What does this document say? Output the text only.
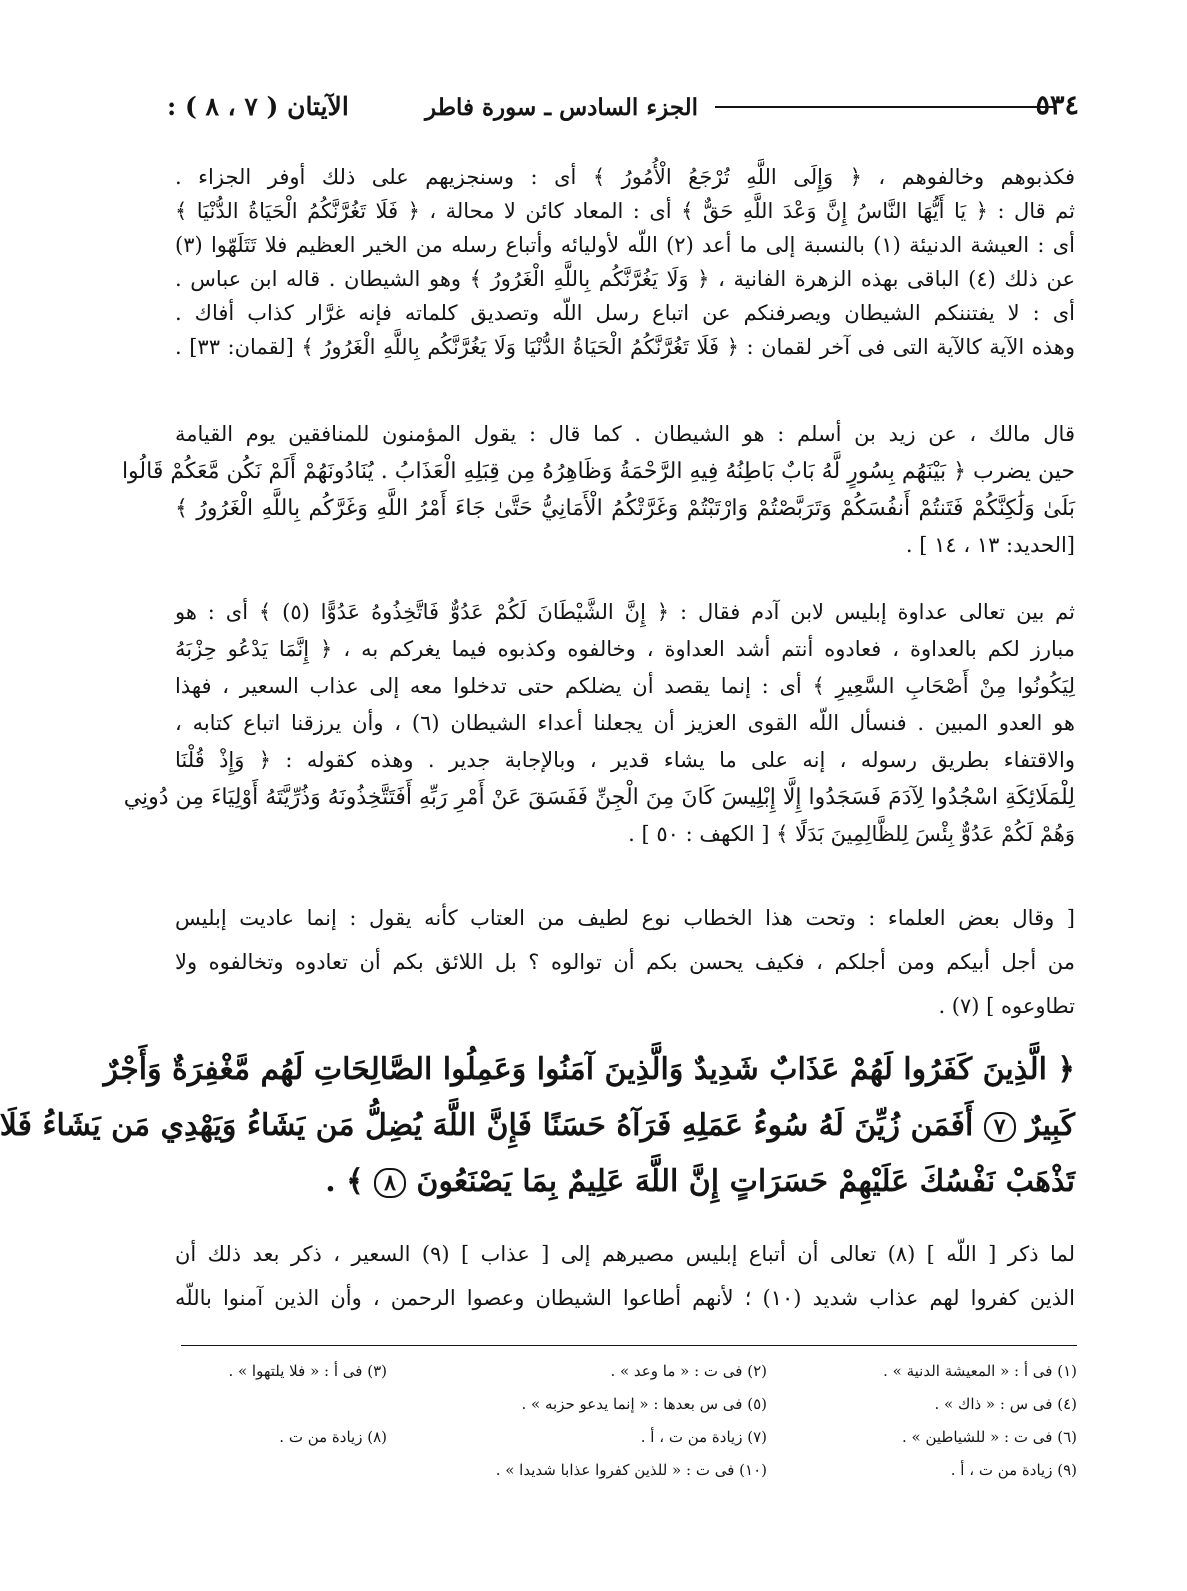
: الآيتان ( ٧ ، ٨ )	الجزء السادس ـ سورة فاطر	٥٣٤
فكذبوهم وخالفوهم ، ﴿ وَإِلَى اللَّهِ تُرْجَعُ الْأُمُورُ ﴾ أى : وسنجزيهم على ذلك أوفر الجزاء .
ثم قال : ﴿ يَا أَيُّهَا النَّاسُ إِنَّ وَعْدَ اللَّهِ حَقٌّ ﴾ أى : المعاد كائن لا محالة ، ﴿ فَلَا تَغُرَّنَّكُمُ الْحَيَاةُ الدُّنْيَا ﴾
أى : العيشة الدنيئة (١) بالنسبة إلى ما أعد (٢) اللّه لأوليائه وأتباع رسله من الخير العظيم فلا تَتَلَهّوا (٣)
عن ذلك (٤) الباقى بهذه الزهرة الفانية ، ﴿ وَلَا يَغُرَّنَّكُم بِاللَّهِ الْغَرُورُ ﴾ وهو الشيطان . قاله ابن عباس .
أى : لا يفتننكم الشيطان ويصرفنكم عن اتباع رسل اللّه وتصديق كلماته فإنه غرَّار كذاب أفاك .
وهذه الآية كالآية التى فى آخر لقمان : ﴿ فَلَا تَغُرَّنَّكُمُ الْحَيَاةُ الدُّنْيَا وَلَا يَغُرَّنَّكُم بِاللَّهِ الْغَرُورُ ﴾ [لقمان: ٣٣] .
قال مالك ، عن زيد بن أسلم : هو الشيطان . كما قال : يقول المؤمنون للمنافقين يوم القيامة
حين يضرب ﴿ بَيْنَهُم بِسُورٍ لَّهُ بَابٌ بَاطِنُهُ فِيهِ الرَّحْمَةُ وَظَاهِرُهُ مِن قِبَلِهِ الْعَذَابُ . يُنَادُونَهُمْ أَلَمْ نَكُن مَّعَكُمْ قَالُوا
بَلَىٰ وَلَٰكِنَّكُمْ فَتَنتُمْ أَنفُسَكُمْ وَتَرَبَّصْتُمْ وَارْتَبْتُمْ وَغَرَّتْكُمُ الْأَمَانِيُّ حَتَّىٰ جَاءَ أَمْرُ اللَّهِ وَغَرَّكُم بِاللَّهِ الْغَرُورُ ﴾
[الحديد: ١٣ ، ١٤ ] .
ثم بين تعالى عداوة إبليس لابن آدم فقال : ﴿ إِنَّ الشَّيْطَانَ لَكُمْ عَدُوٌّ فَاتَّخِذُوهُ عَدُوًّا (٥) ﴾ أى : هو
مبارز لكم بالعداوة ، فعادوه أنتم أشد العداوة ، وخالفوه وكذبوه فيما يغركم به ، ﴿ إِنَّمَا يَدْعُو حِزْبَهُ
لِيَكُونُوا مِنْ أَصْحَابِ السَّعِيرِ ﴾ أى : إنما يقصد أن يضلكم حتى تدخلوا معه إلى عذاب السعير ، فهذا
هو العدو المبين . فنسأل اللّه القوى العزيز أن يجعلنا أعداء الشيطان (٦) ، وأن يرزقنا اتباع كتابه ،
والاقتفاء بطريق رسوله ، إنه على ما يشاء قدير ، وبالإجابة جدير . وهذه كقوله : ﴿ وَإِذْ قُلْنَا
لِلْمَلَائِكَةِ اسْجُدُوا لِآدَمَ فَسَجَدُوا إِلَّا إِبْلِيسَ كَانَ مِنَ الْجِنِّ فَفَسَقَ عَنْ أَمْرِ رَبِّهِ أَفَتَتَّخِذُونَهُ وَذُرِّيَّتَهُ أَوْلِيَاءَ مِن دُونِي
وَهُمْ لَكُمْ عَدُوٌّ بِئْسَ لِلظَّالِمِينَ بَدَلًا ﴾ [ الكهف : ٥٠ ] .
[ وقال بعض العلماء : وتحت هذا الخطاب نوع لطيف من العتاب كأنه يقول : إنما عاديت إبليس
من أجل أبيكم ومن أجلكم ، فكيف يحسن بكم أن توالوه ؟ بل اللائق بكم أن تعادوه وتخالفوه ولا
تطاوعوه ] (٧) .
﴿ الَّذِينَ كَفَرُوا لَهُمْ عَذَابٌ شَدِيدٌ وَالَّذِينَ آمَنُوا وَعَمِلُوا الصَّالِحَاتِ لَهُم مَّغْفِرَةٌ وَأَجْرٌ
كَبِيرٌ ٧ أَفَمَن زُيِّنَ لَهُ سُوءُ عَمَلِهِ فَرَآهُ حَسَنًا فَإِنَّ اللَّهَ يُضِلُّ مَن يَشَاءُ وَيَهْدِي مَن يَشَاءُ فَلَا
تَذْهَبْ نَفْسُكَ عَلَيْهِمْ حَسَرَاتٍ إِنَّ اللَّهَ عَلِيمٌ بِمَا يَصْنَعُونَ ٨ ﴾ .
لما ذكر [ اللّه ] (٨) تعالى أن أتباع إبليس مصيرهم إلى [ عذاب ] (٩) السعير ، ذكر بعد ذلك أن
الذين كفروا لهم عذاب شديد (١٠) ؛ لأنهم أطاعوا الشيطان وعصوا الرحمن ، وأن الذين آمنوا باللّه
(١) فى أ : « المعيشة الدنية » .
(٢) فى ت : « ما وعد » .
(٣) فى أ : « فلا يلتهوا » .
(٤) فى س : « ذاك » .
(٥) فى س بعدها : « إنما يدعو حزبه » .
(٦) فى ت : « للشياطين » .
(٧) زيادة من ت ، أ .
(٨) زيادة من ت .
(٩) زيادة من ت ، أ .
(١٠) فى ت : « للذين كفروا عذابا شديدا » .
